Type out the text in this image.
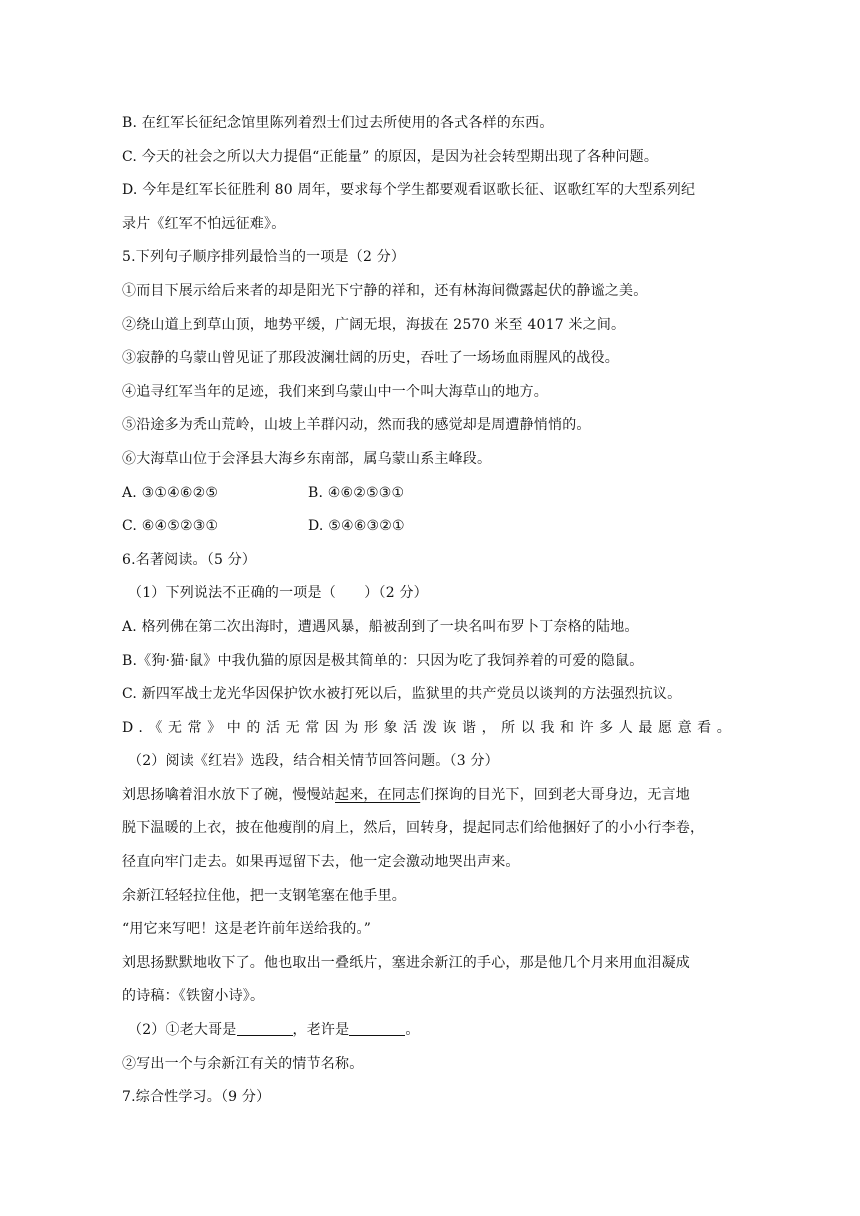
B. 在红军长征纪念馆里陈列着烈士们过去所使用的各式各样的东西。
C. 今天的社会之所以大力提倡“正能量” 的原因，是因为社会转型期出现了各种问题。
D. 今年是红军长征胜利 80 周年，要求每个学生都要观看讴歌长征、讴歌红军的大型系列纪
录片《红军不怕远征难》。
5.下列句子顺序排列最恰当的一项是（2 分）
①而目下展示给后来者的却是阳光下宁静的祥和，还有林海间微露起伏的静谧之美。
②绕山道上到草山顶，地势平缓，广阔无垠，海拔在 2570 米至 4017 米之间。
③寂静的乌蒙山曾见证了那段波澜壮阔的历史，吞吐了一场场血雨腥风的战役。
④追寻红军当年的足迹，我们来到乌蒙山中一个叫大海草山的地方。
⑤沿途多为秃山荒岭，山坡上羊群闪动，然而我的感觉却是周遭静悄悄的。
⑥大海草山位于会泽县大海乡东南部，属乌蒙山系主峰段。
A. ③①④⑥②⑤	B. ④⑥②⑤③①
C. ⑥④⑤②③①	D. ⑤④⑥③②①
6.名著阅读。（5 分）
（1）下列说法不正确的一项是（　　）（2 分）
A. 格列佛在第二次出海时，遭遇风暴，船被刮到了一块名叫布罗卜丁奈格的陆地。
B.《狗·猫·鼠》中我仇猫的原因是极其简单的：只因为吃了我饲养着的可爱的隐鼠。
C. 新四军战士龙光华因保护饮水被打死以后，监狱里的共产党员以谈判的方法强烈抗议。
D.《无常》中的活无常因为形象活泼诙谐，所以我和许多人最愿意看。
（2）阅读《红岩》选段，结合相关情节回答问题。（3 分）
刘思扬噙着泪水放下了碗，慢慢站起来，在同志们探询的目光下，回到老大哥身边，无言地
脱下温暖的上衣，披在他瘦削的肩上，然后，回转身，提起同志们给他捆好了的小小行李卷，
径直向牢门走去。如果再逗留下去，他一定会激动地哭出声来。
余新江轻轻拉住他，把一支钢笔塞在他手里。
“用它来写吧！这是老许前年送给我的。”
刘思扬默默地收下了。他也取出一叠纸片，塞进余新江的手心，那是他几个月来用血泪凝成
的诗稿：《铁窗小诗》。
（2）①老大哥是	，老许是	。
②写出一个与余新江有关的情节名称。
7.综合性学习。（9 分）
